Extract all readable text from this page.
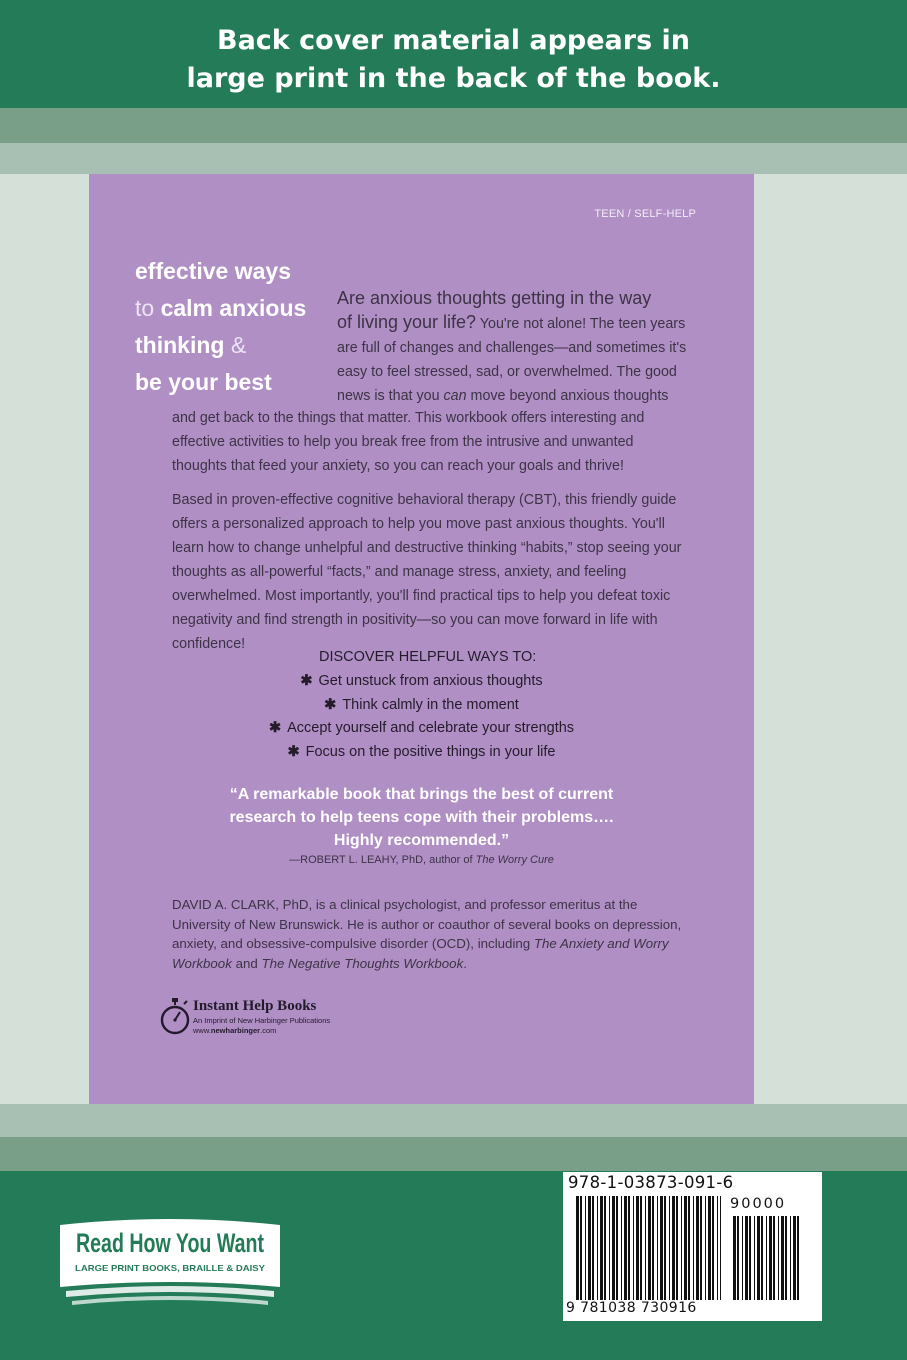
Back cover material appears in
large print in the back of the book.
TEEN / SELF-HELP
effective ways
to calm anxious
thinking &
be your best
Are anxious thoughts getting in the way
of living your life? You're not alone! The teen years
are full of changes and challenges—and sometimes it's
easy to feel stressed, sad, or overwhelmed. The good
news is that you can move beyond anxious thoughts
and get back to the things that matter. This workbook offers interesting and effective activities to help you break free from the intrusive and unwanted thoughts that feed your anxiety, so you can reach your goals and thrive!
Based in proven-effective cognitive behavioral therapy (CBT), this friendly guide offers a personalized approach to help you move past anxious thoughts. You'll learn how to change unhelpful and destructive thinking “habits,” stop seeing your thoughts as all-powerful “facts,” and manage stress, anxiety, and feeling overwhelmed. Most importantly, you'll find practical tips to help you defeat toxic negativity and find strength in positivity—so you can move forward in life with confidence!
DISCOVER HELPFUL WAYS TO:
✱ Get unstuck from anxious thoughts
✱ Think calmly in the moment
✱ Accept yourself and celebrate your strengths
✱ Focus on the positive things in your life
“A remarkable book that brings the best of current
research to help teens cope with their problems….
Highly recommended.”
—ROBERT L. LEAHY, PhD, author of The Worry Cure
DAVID A. CLARK, PhD, is a clinical psychologist, and professor emeritus at the University of New Brunswick. He is author or coauthor of several books on depression, anxiety, and obsessive-compulsive disorder (OCD), including The Anxiety and Worry Workbook and The Negative Thoughts Workbook.
Instant Help Books
An Imprint of New Harbinger Publications
www.newharbinger.com
Read How You Want
LARGE PRINT BOOKS, BRAILLE & DAISY
978-1-03873-091-6
90000
9 781038 730916
